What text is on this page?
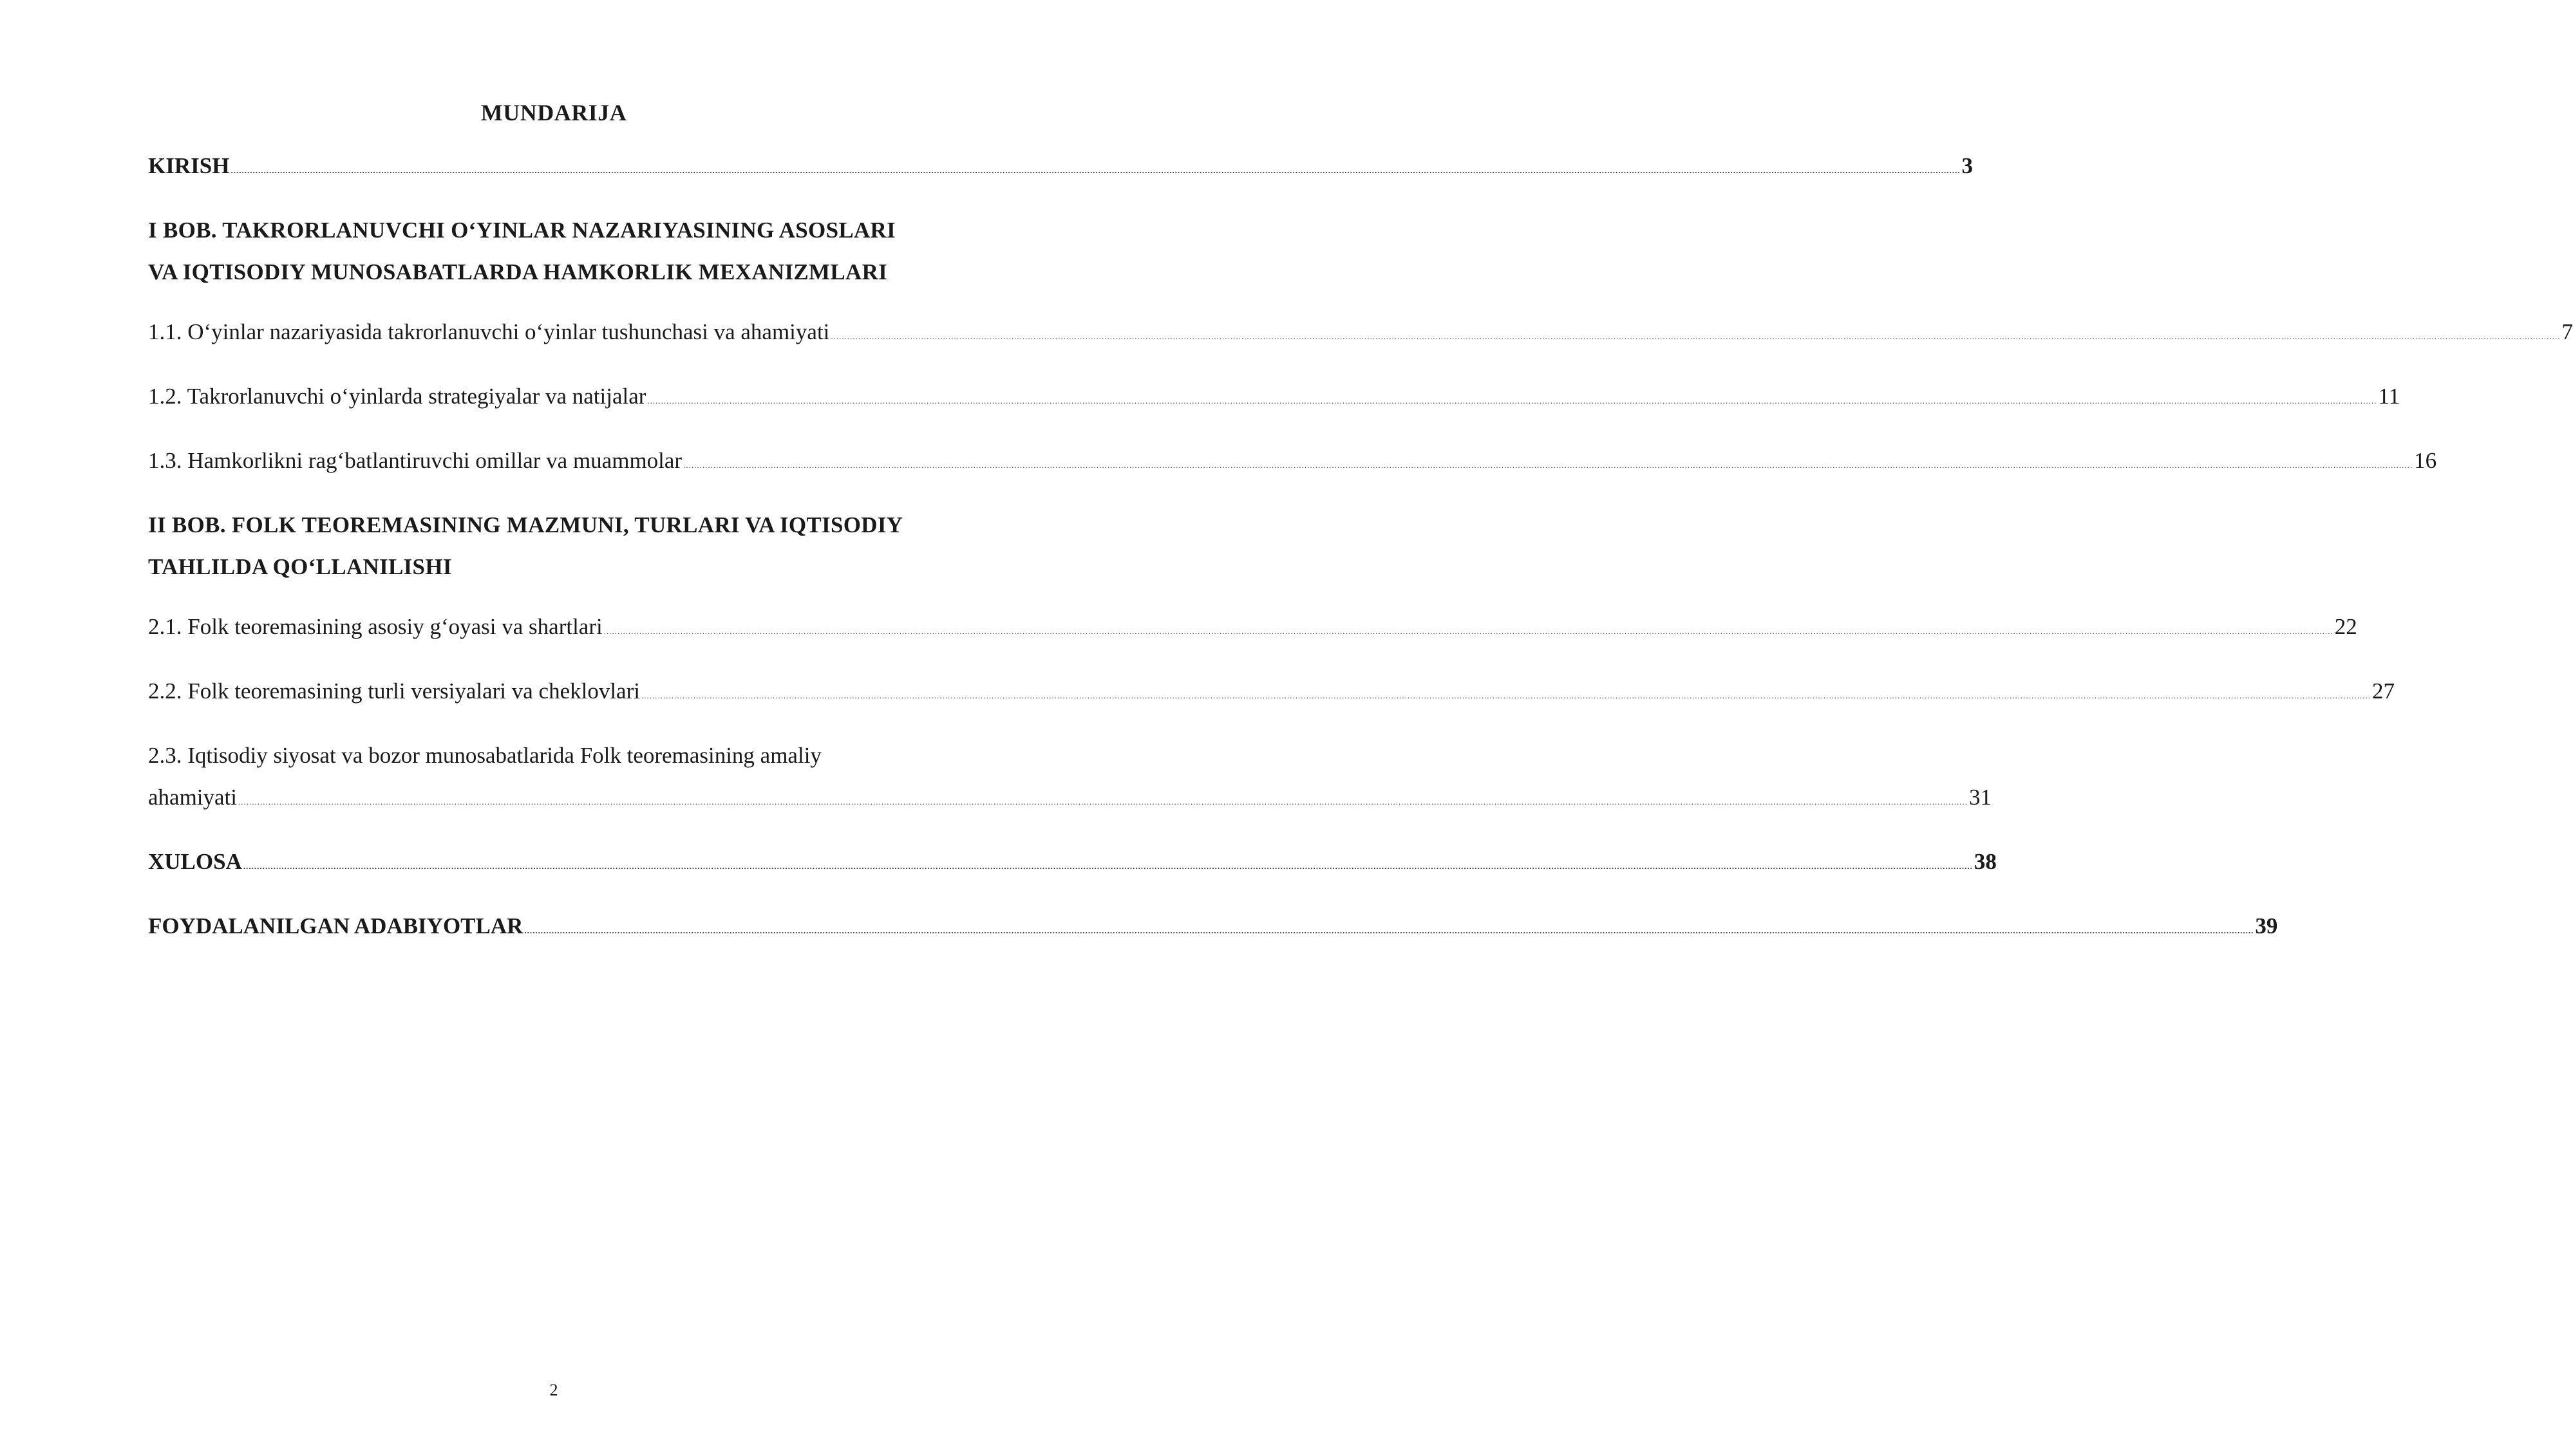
MUNDARIJA
KIRISH ........................................................................................................................................................................................................................................................................................................................................................................................................................................................................................................................................................................................................................................................ 3
I BOB. TAKRORLANUVCHI O‘YINLAR NAZARIYASINING ASOSLARI
VA IQTISODIY MUNOSABATLARDA HAMKORLIK MEXANIZMLARI
1.1. O‘yinlar nazariyasida takrorlanuvchi o‘yinlar tushunchasi va ahamiyati ........................................................................................................................................................................................................................................................................................................................................................................................................................................................................................................................................................................................................................................................ 7
1.2. Takrorlanuvchi o‘yinlarda strategiyalar va natijalar ........................................................................................................................................................................................................................................................................................................................................................................................................................................................................................................................................................................................................................................................ 11
1.3. Hamkorlikni rag‘batlantiruvchi omillar va muammolar ........................................................................................................................................................................................................................................................................................................................................................................................................................................................................................................................................................................................................................................................ 16
II BOB. FOLK TEOREMASINING MAZMUNI, TURLARI VA IQTISODIY
TAHLILDA QO‘LLANILISHI
2.1. Folk teoremasining asosiy g‘oyasi va shartlari ........................................................................................................................................................................................................................................................................................................................................................................................................................................................................................................................................................................................................................................................ 22
2.2. Folk teoremasining turli versiyalari va cheklovlari ........................................................................................................................................................................................................................................................................................................................................................................................................................................................................................................................................................................................................................................................ 27
2.3. Iqtisodiy siyosat va bozor munosabatlarida Folk teoremasining amaliy
ahamiyati ........................................................................................................................................................................................................................................................................................................................................................................................................................................................................................................................................................................................................................................................ 31
XULOSA ........................................................................................................................................................................................................................................................................................................................................................................................................................................................................................................................................................................................................................................................ 38
FOYDALANILGAN ADABIYOTLAR ........................................................................................................................................................................................................................................................................................................................................................................................................................................................................................................................................................................................................................................................ 39
2
